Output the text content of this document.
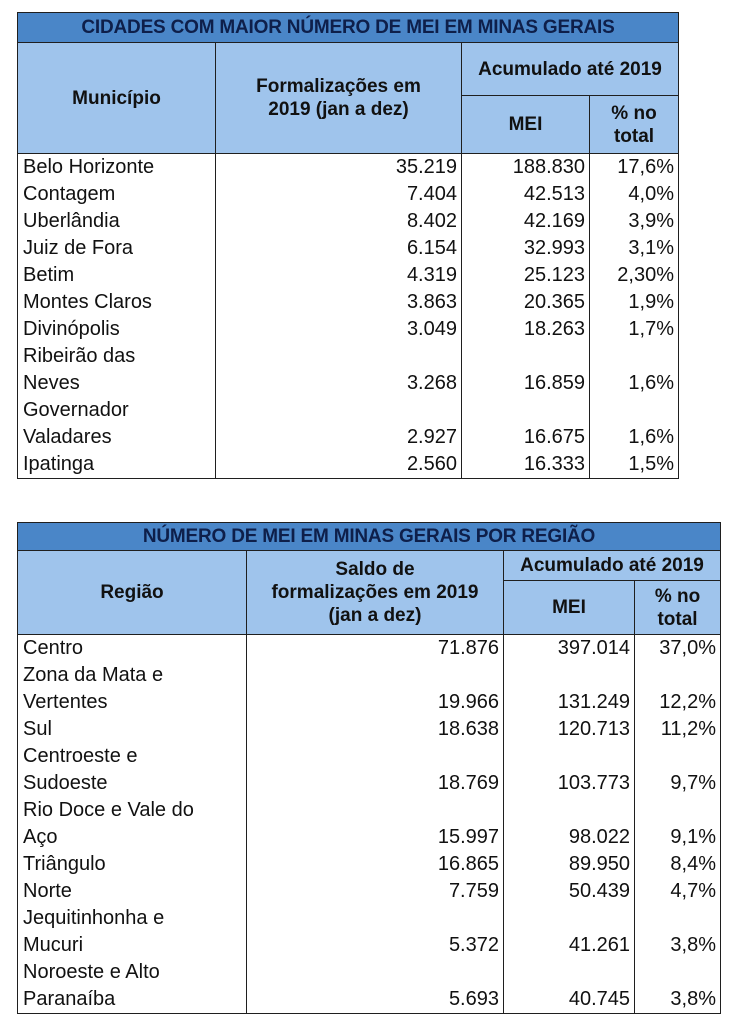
CIDADES COM MAIOR NÚMERO DE MEI EM MINAS GERAIS			
Município	Formalizações em 2019 (jan a dez)	Acumulado até 2019	
		MEI	% no total

Belo Horizonte	35.219	188.830	17,6%

Contagem	7.404	42.513	4,0%

Uberlândia	8.402	42.169	3,9%

Juiz de Fora	6.154	32.993	3,1%

Betim	4.319	25.123	2,30%

Montes Claros	3.863	20.365	1,9%

Divinópolis	3.049	18.263	1,7%

Ribeirão das
Neves	3.268	16.859	1,6%

Governador
Valadares	2.927	16.675	1,6%

Ipatinga	2.560	16.333	1,5%
NÚMERO DE MEI EM MINAS GERAIS POR REGIÃO			
Região	Saldo de formalizações em 2019 (jan a dez)	Acumulado até 2019	
		MEI	% no total

Centro	71.876	397.014	37,0%

Zona da Mata e
Vertentes	19.966	131.249	12,2%

Sul	18.638	120.713	11,2%

Centroeste e
Sudoeste	18.769	103.773	9,7%

Rio Doce e Vale do
Aço	15.997	98.022	9,1%

Triângulo	16.865	89.950	8,4%

Norte	7.759	50.439	4,7%

Jequitinhonha e
Mucuri	5.372	41.261	3,8%

Noroeste e Alto
Paranaíba	5.693	40.745	3,8%
